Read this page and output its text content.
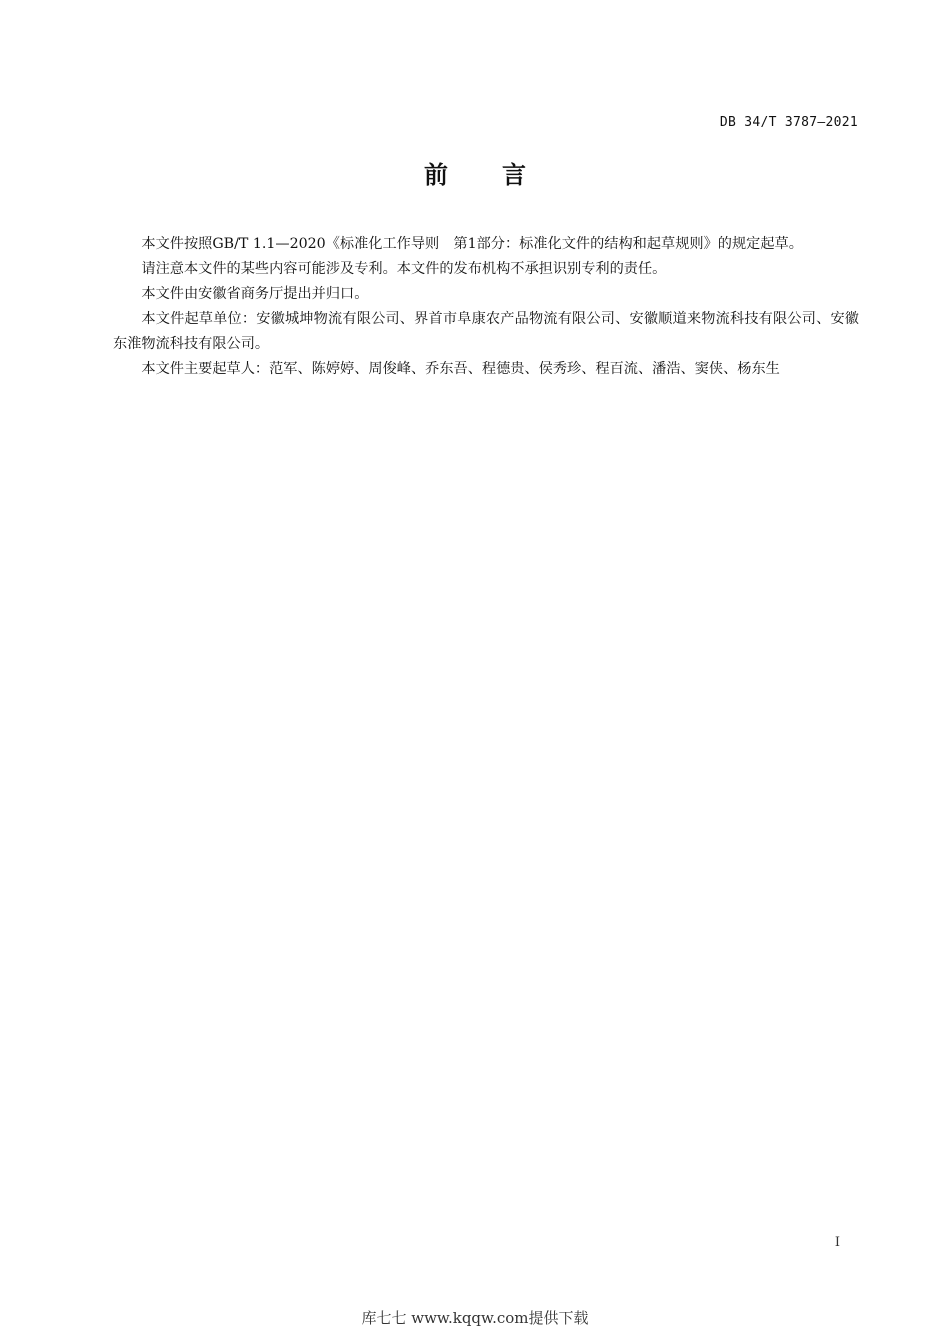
DB 34/T 3787—2021
前言

本文件按照GB/T 1.1—2020《标准化工作导则　第1部分：标准化文件的结构和起草规则》的规定起草。

请注意本文件的某些内容可能涉及专利。本文件的发布机构不承担识别专利的责任。

本文件由安徽省商务厅提出并归口。

本文件起草单位：安徽城坤物流有限公司、界首市阜康农产品物流有限公司、安徽顺道来物流科技有限公司、安徽东淮物流科技有限公司。

本文件主要起草人：范军、陈婷婷、周俊峰、乔东吾、程德贵、侯秀珍、程百流、潘浩、窦侠、杨东生

I
库七七 www.kqqw.com提供下载
